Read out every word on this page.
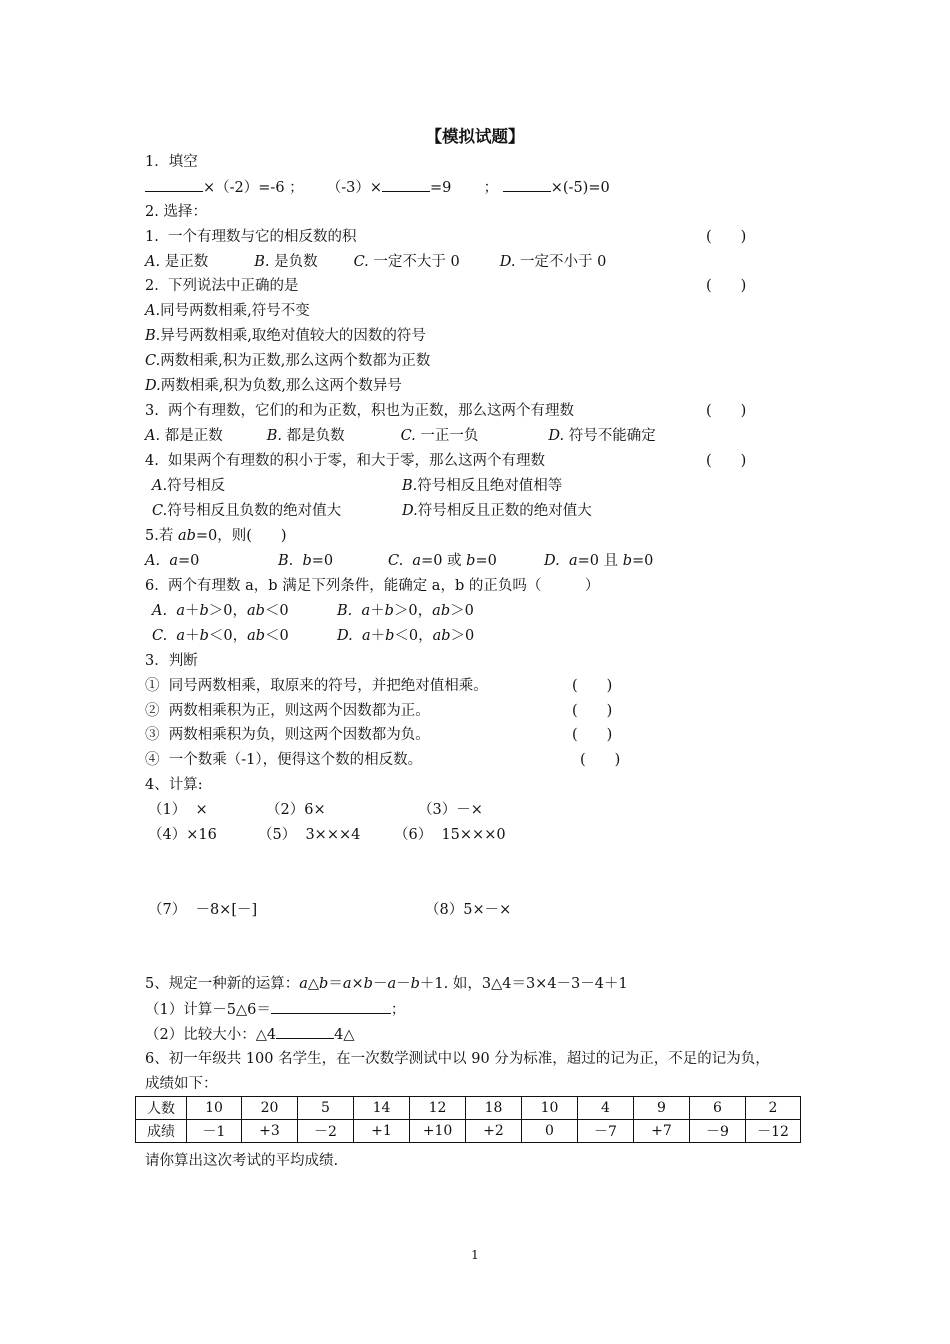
【模拟试题】
1．填空
×（-2）=-6 ； （-3）×	=9 ；	×(-5)=0
2. 选择：
1.  一个有理数与它的相反数的积	(　　)
A. 是正数	B. 是负数 C. 一定不大于 0	D. 一定不小于 0
2.  下列说法中正确的是	(　　)
A.同号两数相乘,符号不变
B.异号两数相乘,取绝对值较大的因数的符号
C.两数相乘,积为正数,那么这两个数都为正数
D.两数相乘,积为负数,那么这两个数异号
3.  两个有理数，它们的和为正数，积也为正数，那么这两个有理数	(　　)
A. 都是正数	B. 都是负数	C. 一正一负	D. 符号不能确定
4.  如果两个有理数的积小于零，和大于零，那么这两个有理数	(　　)
A.符号相反	B.符号相反且绝对值相等
C.符号相反且负数的绝对值大	D.符号相反且正数的绝对值大
5.若 ab=0，则(　　)
A. a=0	B. b=0	C. a=0 或 b=0	D. a=0 且 b=0
6.  两个有理数 a，b 满足下列条件，能确定 a，b 的正负吗（　　　）
A. a＋b＞0，ab＜0	B. a＋b＞0，ab＞0
C. a＋b＜0，ab＜0	D. a＋b＜0，ab＞0
3．判断
①  同号两数相乘，取原来的符号，并把绝对值相乘。	(　　)
②  两数相乘积为正，则这两个因数都为正。	(　　)
③  两数相乘积为负，则这两个因数都为负。	(　　)
④  一个数乘（-1），便得这个数的相反数。	(　　)
4、计算:
（1）  ×	（2）6×	（3）－×
（4）×16	（5）  3×××4 （6）  15×××0
（7）  －8×[－]	（8）5×－×
5、规定一种新的运算：a△b＝a×b－a－b＋1. 如，3△4＝3×4－3－4＋1
（1）计算－5△6＝	；
（2）比较大小：△4	4△
6、初一年级共 100 名学生，在一次数学测试中以 90 分为标准，超过的记为正，不足的记为负，
成绩如下：
人数	10	20	5	14	12	18	10	4	9	6	2
成绩	－1	+3	－2	+1	+10	+2	0	－7	+7	－9	－12
请你算出这次考试的平均成绩.
1
